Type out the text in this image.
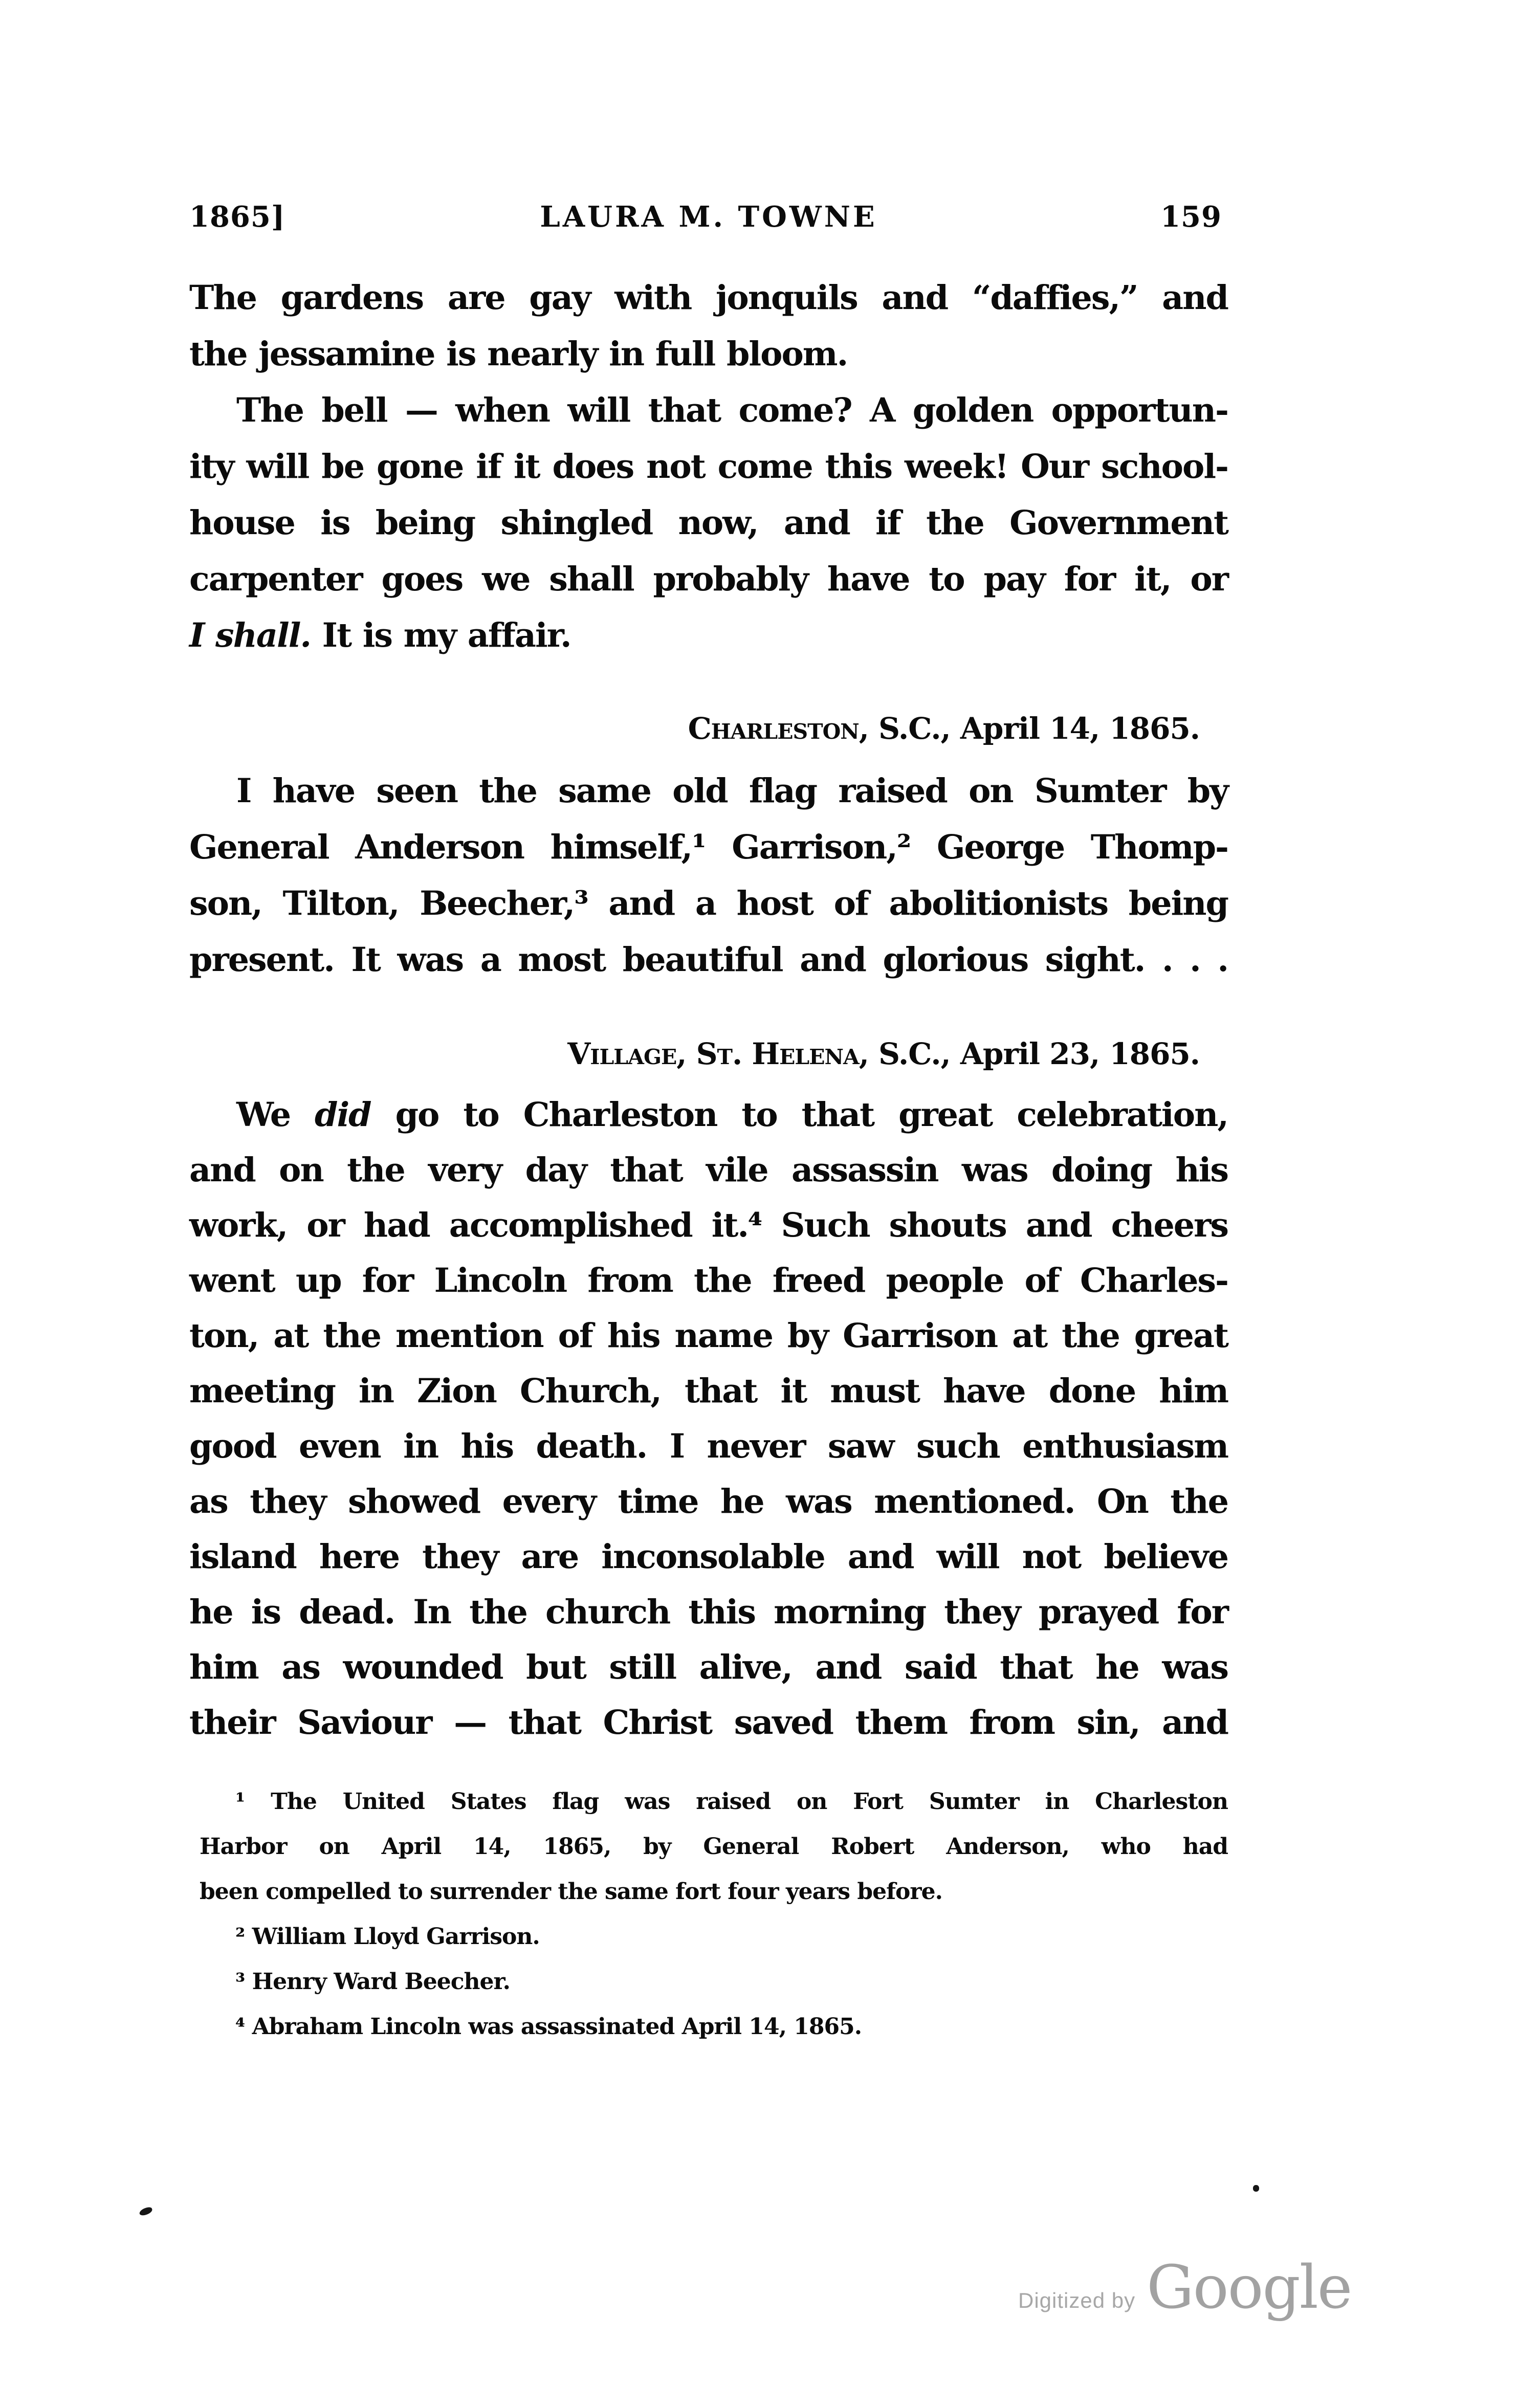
1865]	LAURA M. TOWNE	159
The gardens are gay with jonquils and “daffies,” and
the jessamine is nearly in full bloom.
The bell — when will that come? A golden opportun-
ity will be gone if it does not come this week! Our school-
house is being shingled now, and if the Government
carpenter goes we shall probably have to pay for it, or
I shall. It is my affair.
Charleston, S.C., April 14, 1865.
I have seen the same old flag raised on Sumter by
General Anderson himself,¹ Garrison,² George Thomp-
son, Tilton, Beecher,³ and a host of abolitionists being
present. It was a most beautiful and glorious sight. . . .
Village, St. Helena, S.C., April 23, 1865.
We did go to Charleston to that great celebration,
and on the very day that vile assassin was doing his
work, or had accomplished it.⁴ Such shouts and cheers
went up for Lincoln from the freed people of Charles-
ton, at the mention of his name by Garrison at the great
meeting in Zion Church, that it must have done him
good even in his death. I never saw such enthusiasm
as they showed every time he was mentioned. On the
island here they are inconsolable and will not believe
he is dead. In the church this morning they prayed for
him as wounded but still alive, and said that he was
their Saviour — that Christ saved them from sin, and
¹ The United States flag was raised on Fort Sumter in Charleston
Harbor on April 14, 1865, by General Robert Anderson, who had
been compelled to surrender the same fort four years before.
² William Lloyd Garrison.
³ Henry Ward Beecher.
⁴ Abraham Lincoln was assassinated April 14, 1865.
Digitized by Google
